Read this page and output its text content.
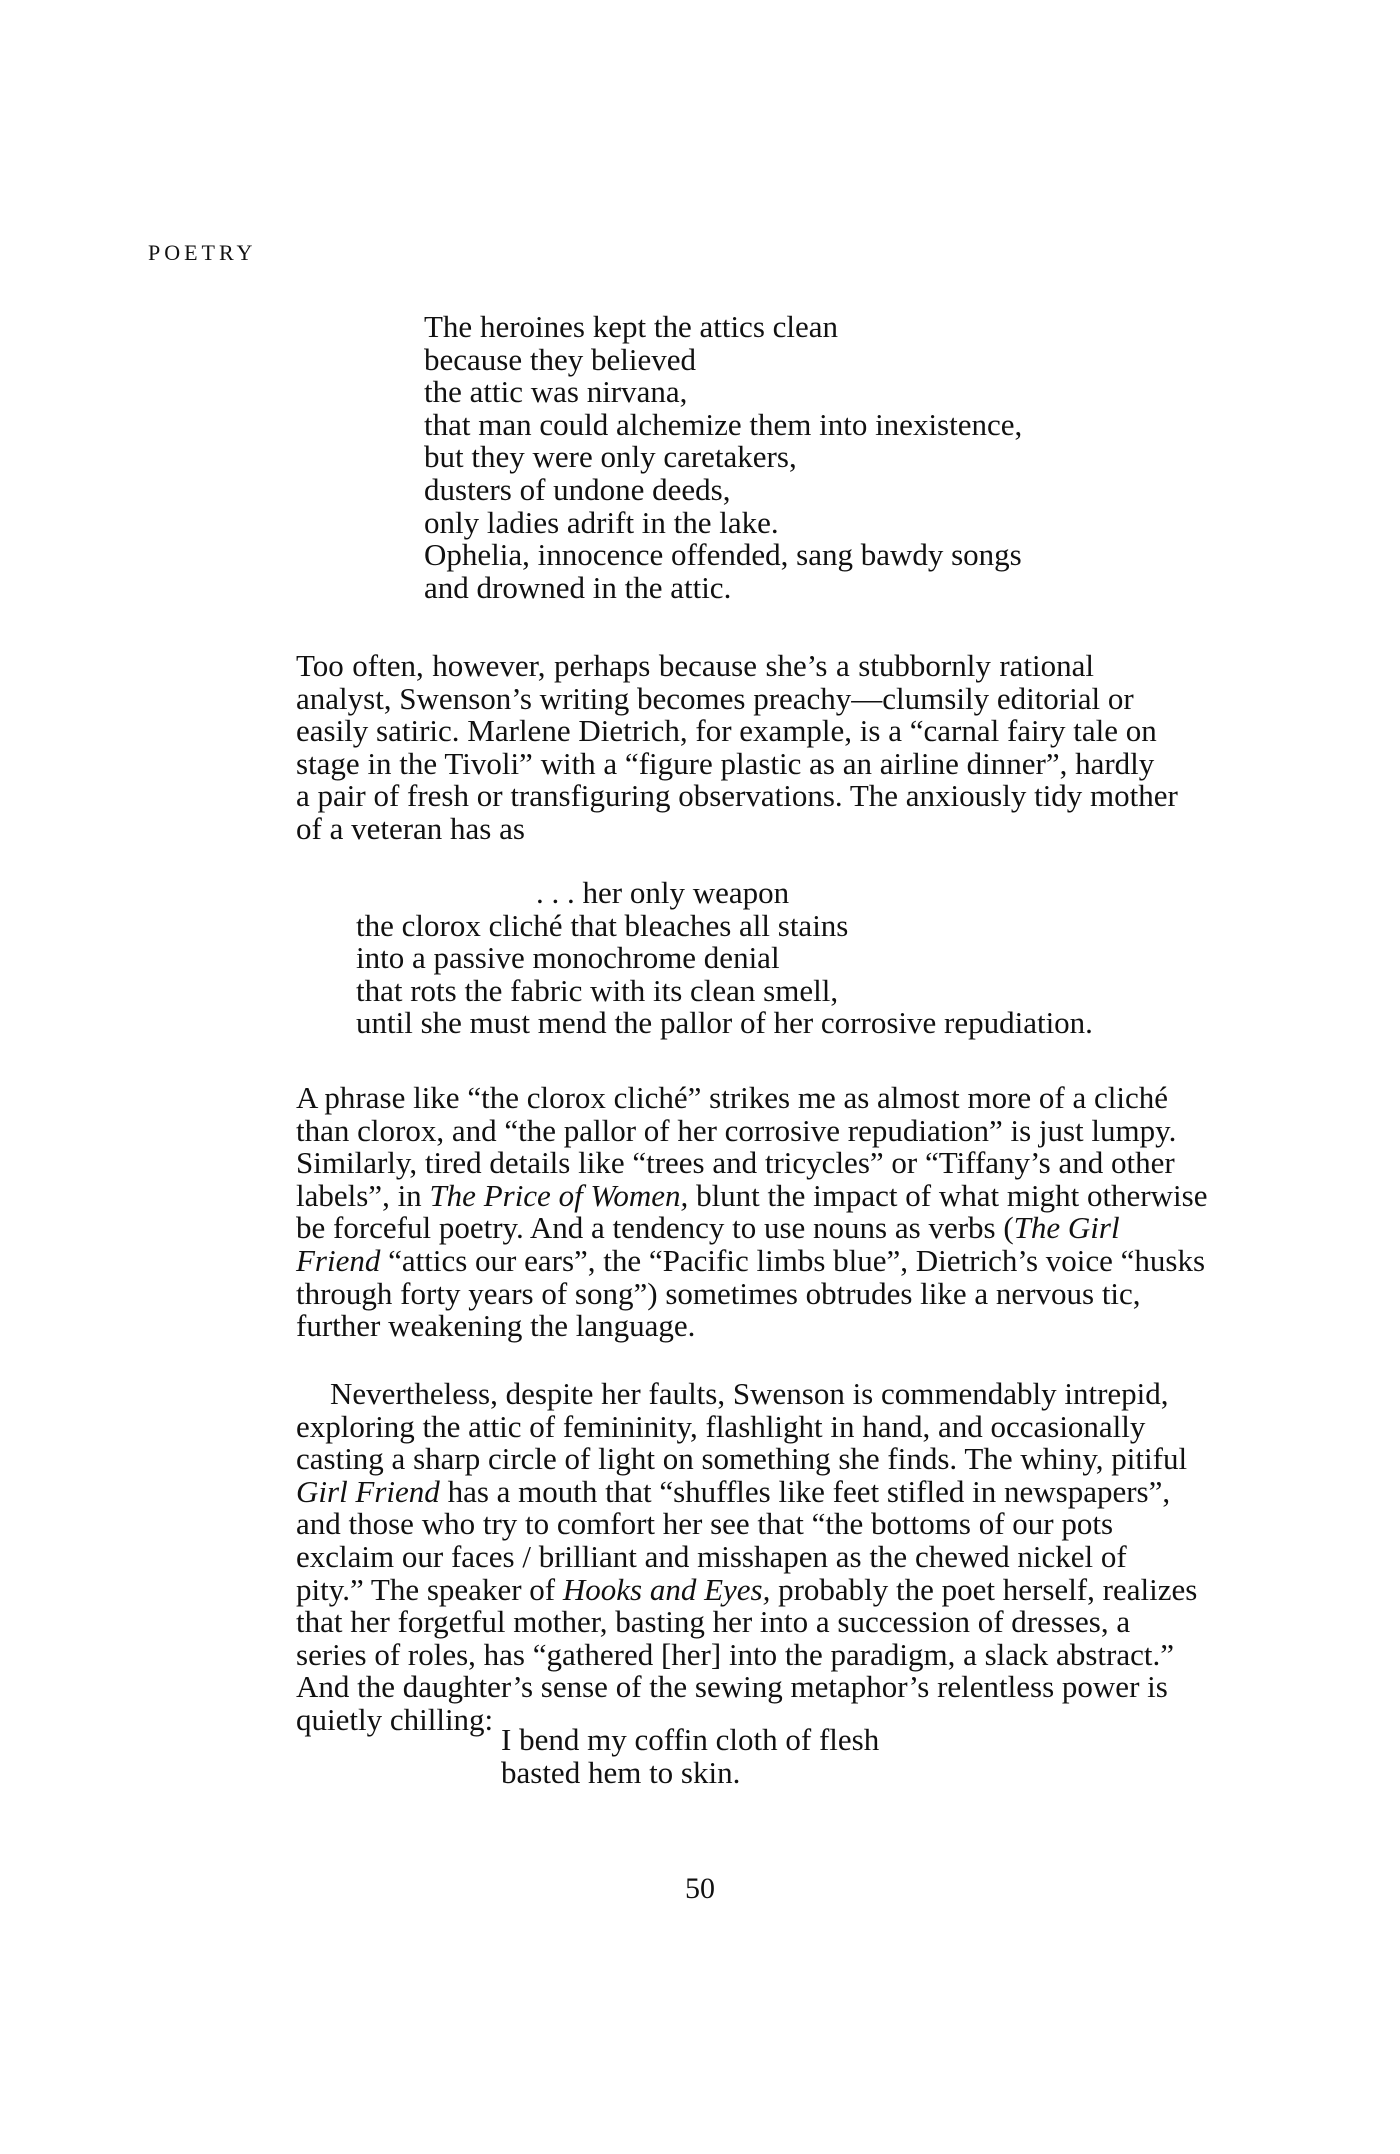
POETRY
The heroines kept the attics clean
because they believed
the attic was nirvana,
that man could alchemize them into inexistence,
but they were only caretakers,
dusters of undone deeds,
only ladies adrift in the lake.
Ophelia, innocence offended, sang bawdy songs
and drowned in the attic.
Too often, however, perhaps because she’s a stubbornly rational
analyst, Swenson’s writing becomes preachy—clumsily editorial or
easily satiric. Marlene Dietrich, for example, is a “carnal fairy tale on
stage in the Tivoli” with a “figure plastic as an airline dinner”, hardly
a pair of fresh or transfiguring observations. The anxiously tidy mother
of a veteran has as
. . . her only weapon
the clorox cliché that bleaches all stains
into a passive monochrome denial
that rots the fabric with its clean smell,
until she must mend the pallor of her corrosive repudiation.
A phrase like “the clorox cliché” strikes me as almost more of a cliché
than clorox, and “the pallor of her corrosive repudiation” is just lumpy.
Similarly, tired details like “trees and tricycles” or “Tiffany’s and other
labels”, in The Price of Women, blunt the impact of what might otherwise
be forceful poetry. And a tendency to use nouns as verbs (The Girl
Friend “attics our ears”, the “Pacific limbs blue”, Dietrich’s voice “husks
through forty years of song”) sometimes obtrudes like a nervous tic,
further weakening the language.
Nevertheless, despite her faults, Swenson is commendably intrepid,
exploring the attic of femininity, flashlight in hand, and occasionally
casting a sharp circle of light on something she finds. The whiny, pitiful
Girl Friend has a mouth that “shuffles like feet stifled in newspapers”,
and those who try to comfort her see that “the bottoms of our pots
exclaim our faces / brilliant and misshapen as the chewed nickel of
pity.” The speaker of Hooks and Eyes, probably the poet herself, realizes
that her forgetful mother, basting her into a succession of dresses, a
series of roles, has “gathered [her] into the paradigm, a slack abstract.”
And the daughter’s sense of the sewing metaphor’s relentless power is
quietly chilling:
I bend my coffin cloth of flesh
basted hem to skin.
50
